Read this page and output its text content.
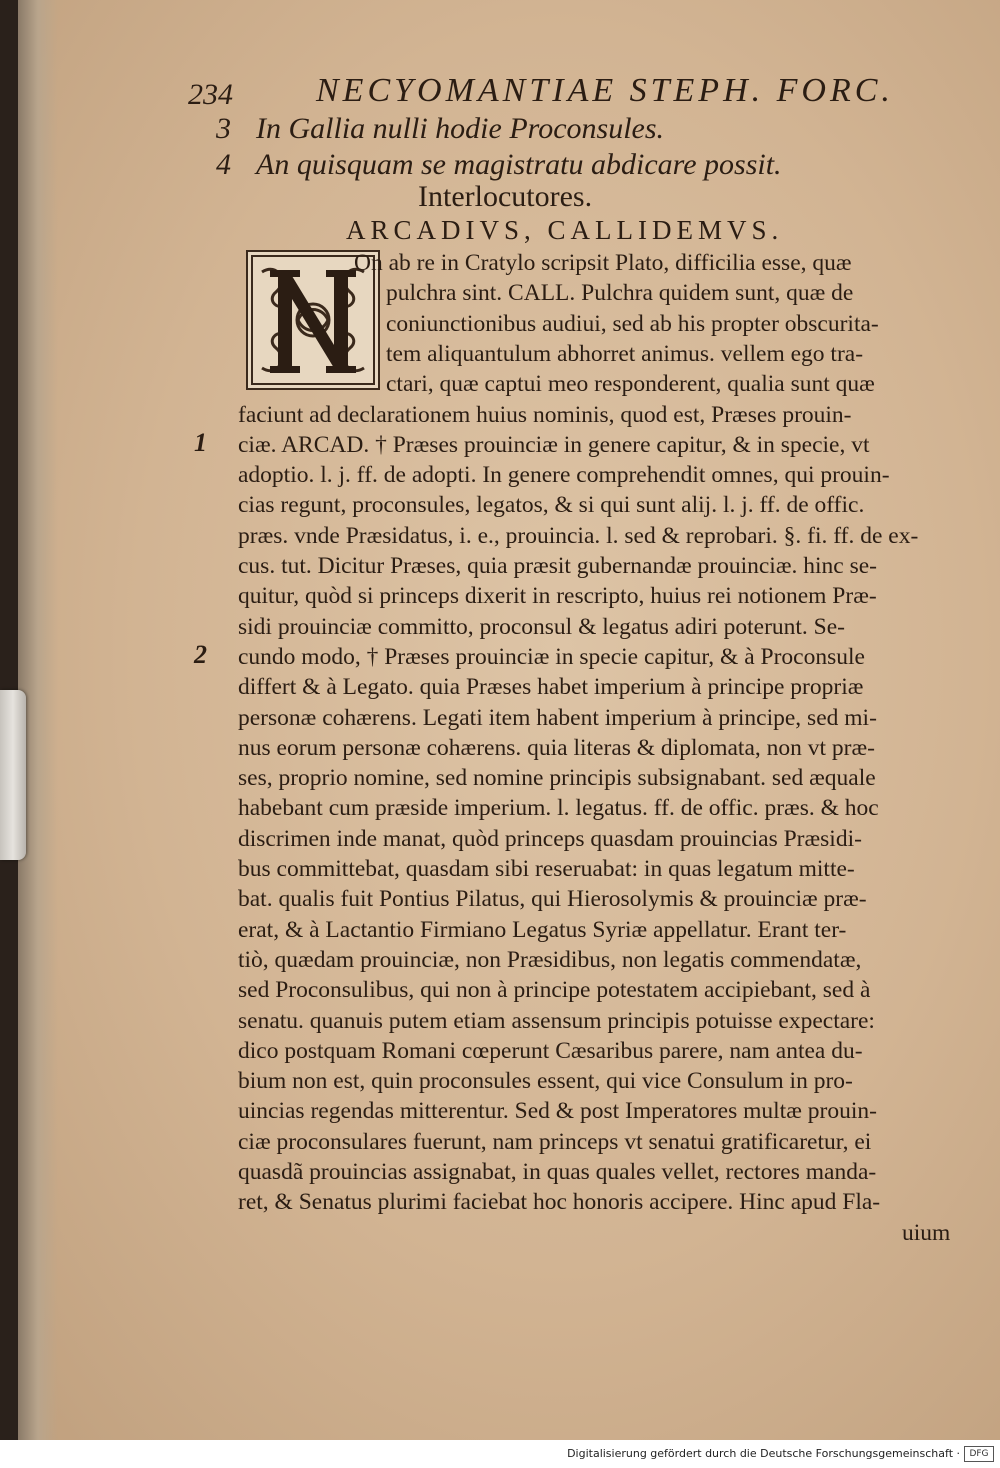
234 NECYOMANTIAE STEPH. FORC.
3 In Gallia nulli hodie Proconsules.
4 An quisquam se magistratu abdicare possit.
Interlocutores.
ARCADIVS, CALLIDEMVS.
On ab re in Cratylo scripsit Plato, difficilia esse, quæ
pulchra sint. CALL. Pulchra quidem sunt, quæ de
coniunctionibus audiui, sed ab his propter obscurita-
tem aliquantulum abhorret animus. vellem ego tra-
ctari, quæ captui meo responderent, qualia sunt quæ
faciunt ad declarationem huius nominis, quod est, Præses prouin-
ciæ. ARCAD. † Præses prouinciæ in genere capitur, & in specie, vt
adoptio. l. j. ff. de adopti. In genere comprehendit omnes, qui prouin-
cias regunt, proconsules, legatos, & si qui sunt alij. l. j. ff. de offic.
præs. vnde Præsidatus, i. e., prouincia. l. sed & reprobari. §. fi. ff. de ex-
cus. tut. Dicitur Præses, quia præsit gubernandæ prouinciæ. hinc se-
quitur, quòd si princeps dixerit in rescripto, huius rei notionem Præ-
sidi prouinciæ committo, proconsul & legatus adiri poterunt. Se-
cundo modo, † Præses prouinciæ in specie capitur, & à Proconsule
differt & à Legato. quia Præses habet imperium à principe propriæ
personæ cohærens. Legati item habent imperium à principe, sed mi-
nus eorum personæ cohærens. quia literas & diplomata, non vt præ-
ses, proprio nomine, sed nomine principis subsignabant. sed æquale
habebant cum præside imperium. l. legatus. ff. de offic. præs. & hoc
discrimen inde manat, quòd princeps quasdam prouincias Præsidi-
bus committebat, quasdam sibi reseruabat: in quas legatum mitte-
bat. qualis fuit Pontius Pilatus, qui Hierosolymis & prouinciæ præ-
erat, & à Lactantio Firmiano Legatus Syriæ appellatur. Erant ter-
tiò, quædam prouinciæ, non Præsidibus, non legatis commendatæ,
sed Proconsulibus, qui non à principe potestatem accipiebant, sed à
senatu. quanuis putem etiam assensum principis potuisse expectare:
dico postquam Romani cœperunt Cæsaribus parere, nam antea du-
bium non est, quin proconsules essent, qui vice Consulum in pro-
uincias regendas mitterentur. Sed & post Imperatores multæ prouin-
ciæ proconsulares fuerunt, nam princeps vt senatui gratificaretur, ei
quasdã prouincias assignabat, in quas quales vellet, rectores manda-
ret, & Senatus plurimi faciebat hoc honoris accipere. Hinc apud Fla-
uium
1
2
Digitalisierung gefördert durch die Deutsche Forschungsgemeinschaft ·	DFG
